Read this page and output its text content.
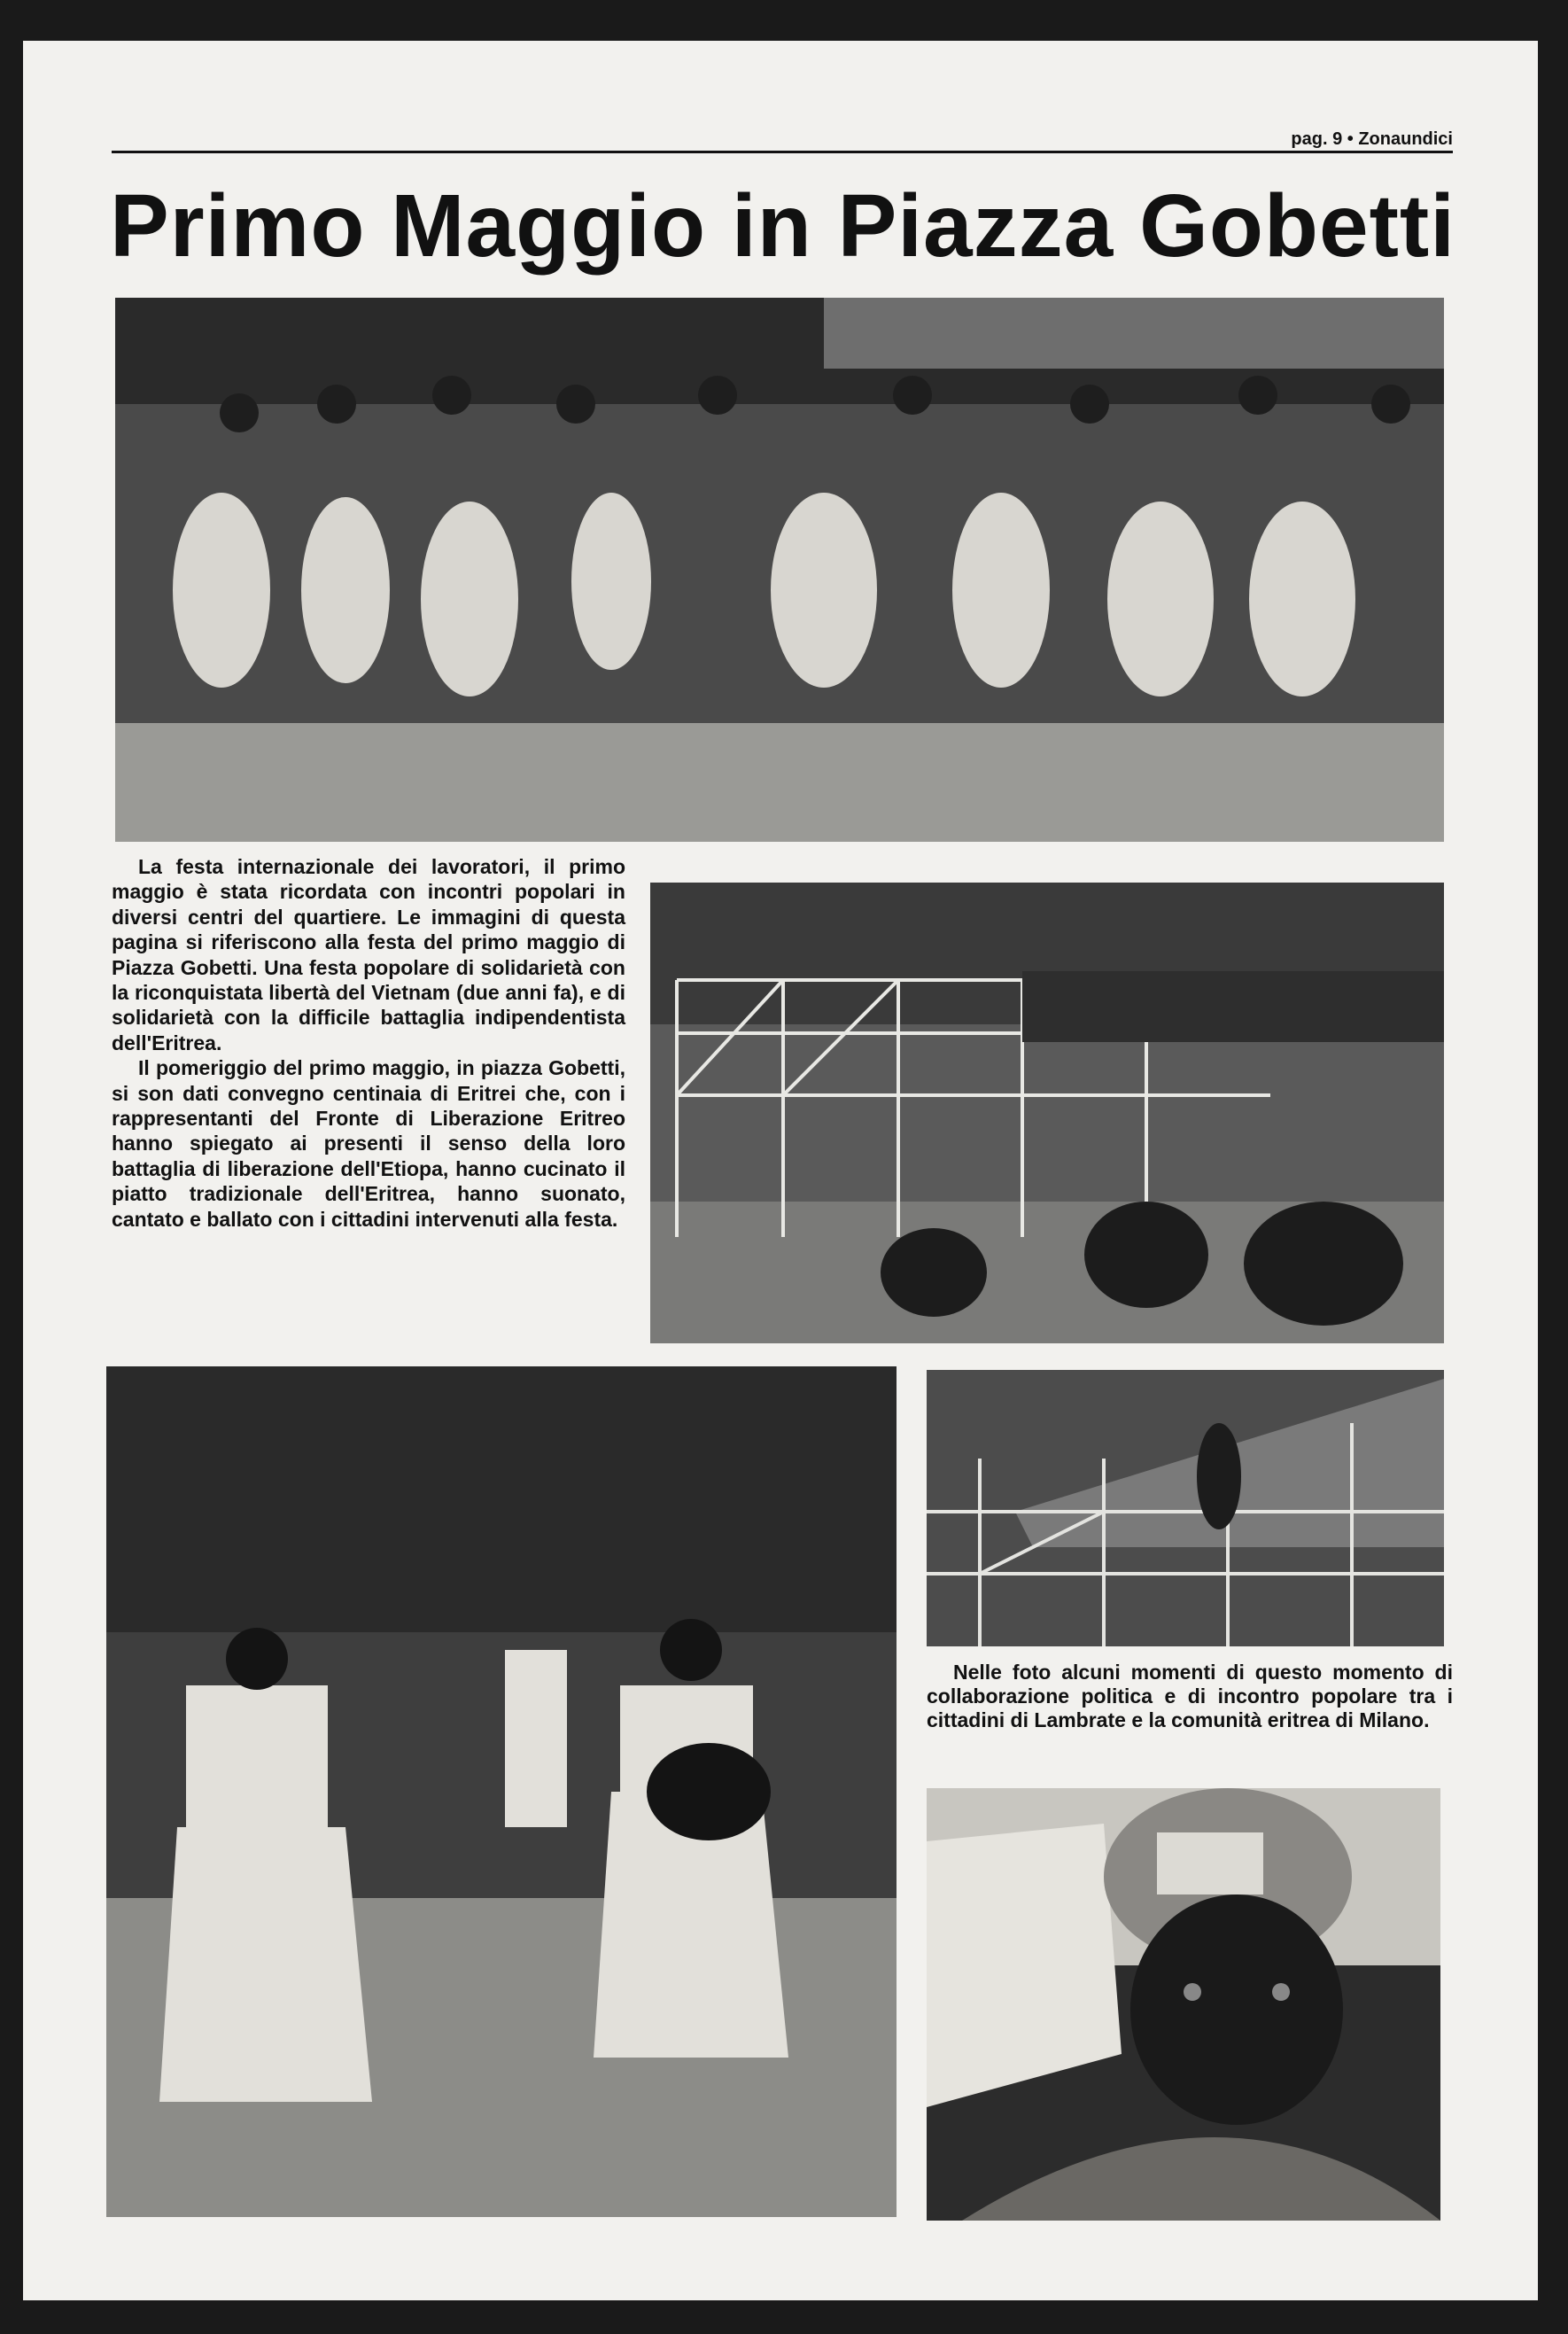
pag. 9 • Zonaundici
Primo Maggio in Piazza Gobetti

La festa internazionale dei lavoratori, il primo maggio è stata ricordata con incontri popolari in diversi centri del quartiere. Le immagini di questa pagina si riferiscono alla festa del primo maggio di Piazza Gobetti. Una festa popolare di solidarietà con la riconquistata libertà del Vietnam (due anni fa), e di solidarietà con la difficile battaglia indipendentista dell'Eritrea.

Il pomeriggio del primo maggio, in piazza Gobetti, si son dati convegno centinaia di Eritrei che, con i rappresentanti del Fronte di Liberazione Eritreo hanno spiegato ai presenti il senso della loro battaglia di liberazione dell'Etiopa, hanno cucinato il piatto tradizionale dell'Eritrea, hanno suonato, cantato e ballato con i cittadini intervenuti alla festa.

Nelle foto alcuni momenti di questo momento di collaborazione politica e di incontro popolare tra i cittadini di Lambrate e la comunità eritrea di Milano.
